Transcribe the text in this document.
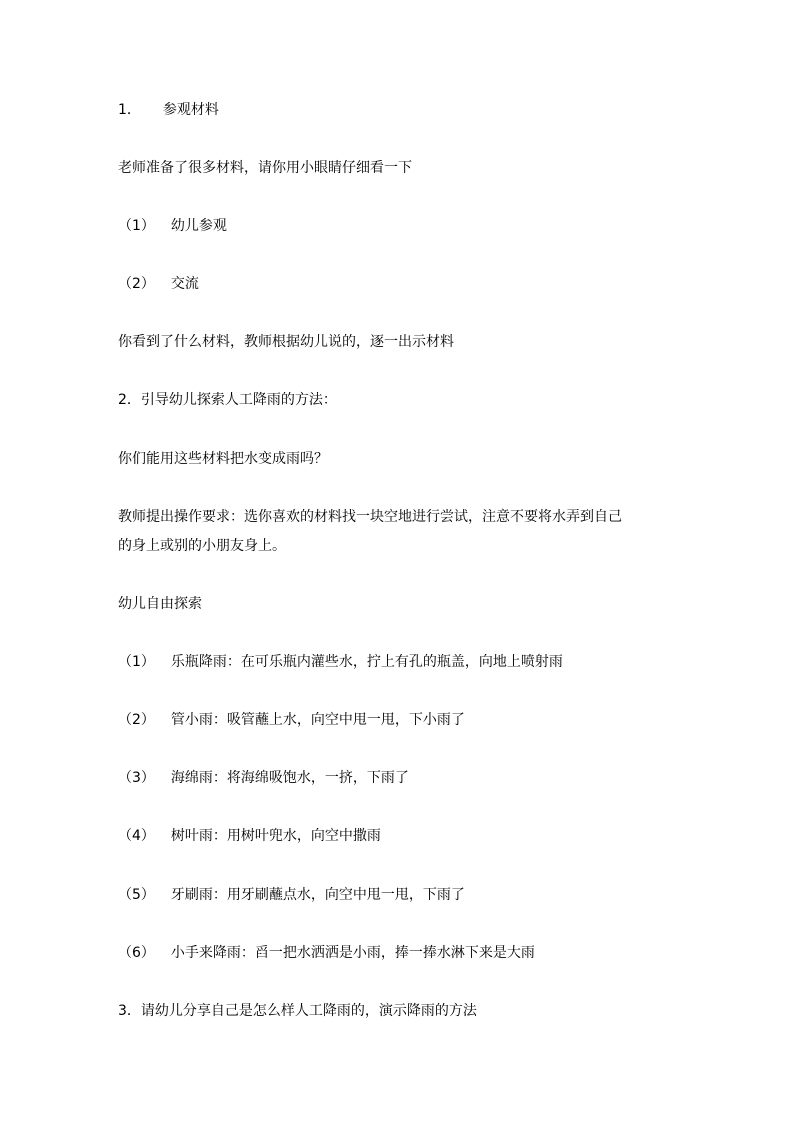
1． 参观材料
老师准备了很多材料，请你用小眼睛仔细看一下
（1） 幼儿参观
（2） 交流
你看到了什么材料，教师根据幼儿说的，逐一出示材料
2．引导幼儿探索人工降雨的方法：
你们能用这些材料把水变成雨吗？
教师提出操作要求：选你喜欢的材料找一块空地进行尝试，注意不要将水弄到自己
的身上或别的小朋友身上。
幼儿自由探索
（1） 乐瓶降雨：在可乐瓶内灌些水，拧上有孔的瓶盖，向地上喷射雨
（2） 管小雨：吸管蘸上水，向空中甩一甩，下小雨了
（3） 海绵雨：将海绵吸饱水，一挤，下雨了
（4） 树叶雨：用树叶兜水，向空中撒雨
（5） 牙刷雨：用牙刷蘸点水，向空中甩一甩，下雨了
（6） 小手来降雨：舀一把水洒洒是小雨，捧一捧水淋下来是大雨
3．请幼儿分享自己是怎么样人工降雨的，演示降雨的方法
